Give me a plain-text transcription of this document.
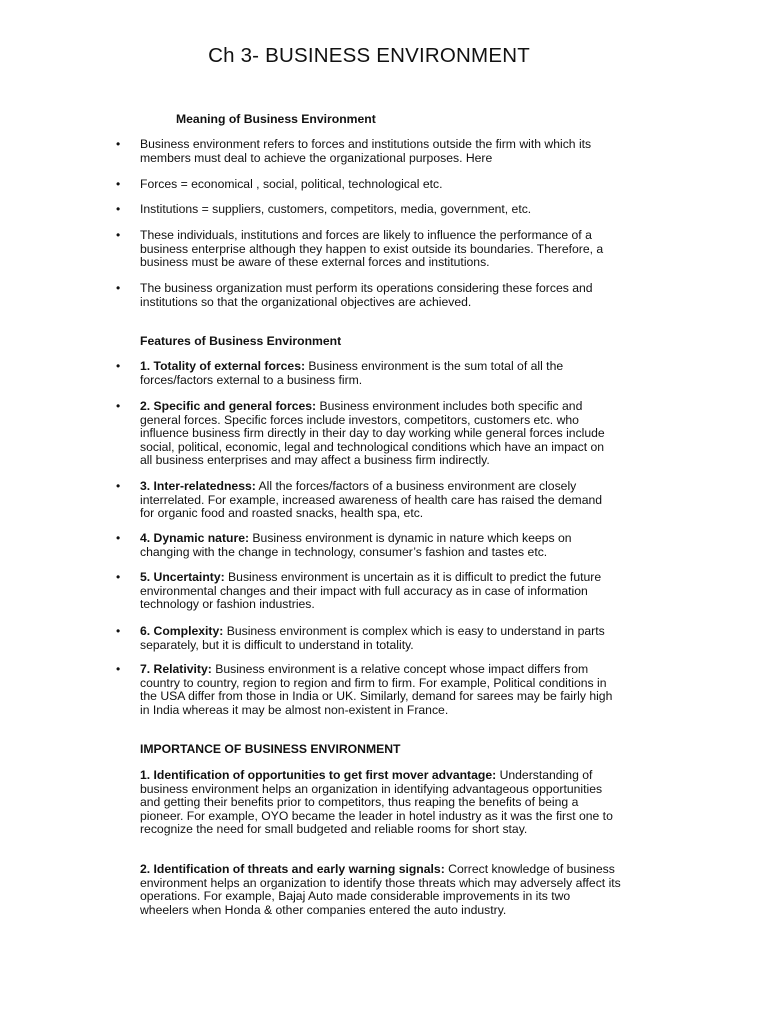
Ch 3- BUSINESS ENVIRONMENT
Meaning of Business Environment
• Business environment refers to forces and institutions outside the firm with which its members must deal to achieve the organizational purposes. Here
• Forces = economical , social, political, technological etc.
• Institutions = suppliers, customers, competitors, media, government, etc.
• These individuals, institutions and forces are likely to influence the performance of a business enterprise although they happen to exist outside its boundaries. Therefore, a business must be aware of these external forces and institutions.
• The business organization must perform its operations considering these forces and institutions so that the organizational objectives are achieved.
Features of Business Environment
• 1. Totality of external forces: Business environment is the sum total of all the forces/factors external to a business firm.
• 2. Specific and general forces: Business environment includes both specific and general forces. Specific forces include investors, competitors, customers etc. who influence business firm directly in their day to day working while general forces include social, political, economic, legal and technological conditions which have an impact on all business enterprises and may affect a business firm indirectly.
• 3. Inter-relatedness: All the forces/factors of a business environment are closely interrelated. For example, increased awareness of health care has raised the demand for organic food and roasted snacks, health spa, etc.
• 4. Dynamic nature: Business environment is dynamic in nature which keeps on changing with the change in technology, consumer’s fashion and tastes etc.
• 5. Uncertainty: Business environment is uncertain as it is difficult to predict the future environmental changes and their impact with full accuracy as in case of information technology or fashion industries.
• 6. Complexity: Business environment is complex which is easy to understand in parts separately, but it is difficult to understand in totality.
• 7. Relativity: Business environment is a relative concept whose impact differs from country to country, region to region and firm to firm. For example, Political conditions in the USA differ from those in India or UK. Similarly, demand for sarees may be fairly high in India whereas it may be almost non-existent in France.
IMPORTANCE OF BUSINESS ENVIRONMENT
1. Identification of opportunities to get first mover advantage: Understanding of business environment helps an organization in identifying advantageous opportunities and getting their benefits prior to competitors, thus reaping the benefits of being a pioneer. For example, OYO became the leader in hotel industry as it was the first one to recognize the need for small budgeted and reliable rooms for short stay.
2. Identification of threats and early warning signals: Correct knowledge of business environment helps an organization to identify those threats which may adversely affect its operations. For example, Bajaj Auto made considerable improvements in its two wheelers when Honda & other companies entered the auto industry.
